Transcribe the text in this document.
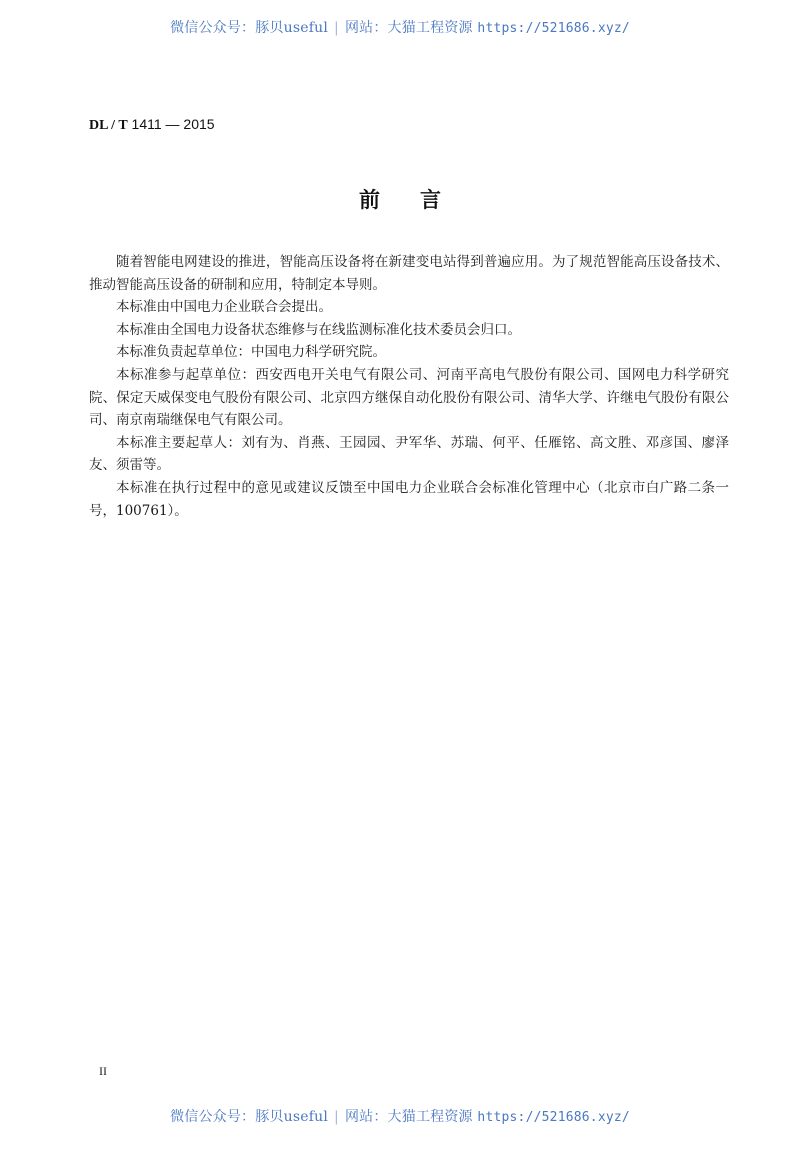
微信公众号：豚贝useful | 网站：大猫工程资源 https://521686.xyz/
DL / T 1411 — 2015
前言

随着智能电网建设的推进，智能高压设备将在新建变电站得到普遍应用。为了规范智能高压设备技术、推动智能高压设备的研制和应用，特制定本导则。

本标准由中国电力企业联合会提出。

本标准由全国电力设备状态维修与在线监测标准化技术委员会归口。

本标准负责起草单位：中国电力科学研究院。

本标准参与起草单位：西安西电开关电气有限公司、河南平高电气股份有限公司、国网电力科学研究院、保定天威保变电气股份有限公司、北京四方继保自动化股份有限公司、清华大学、许继电气股份有限公司、南京南瑞继保电气有限公司。

本标准主要起草人：刘有为、肖燕、王园园、尹军华、苏瑞、何平、任雁铭、高文胜、邓彦国、廖泽友、须雷等。

本标准在执行过程中的意见或建议反馈至中国电力企业联合会标准化管理中心（北京市白广路二条一号，100761）。

II
微信公众号：豚贝useful | 网站：大猫工程资源 https://521686.xyz/
